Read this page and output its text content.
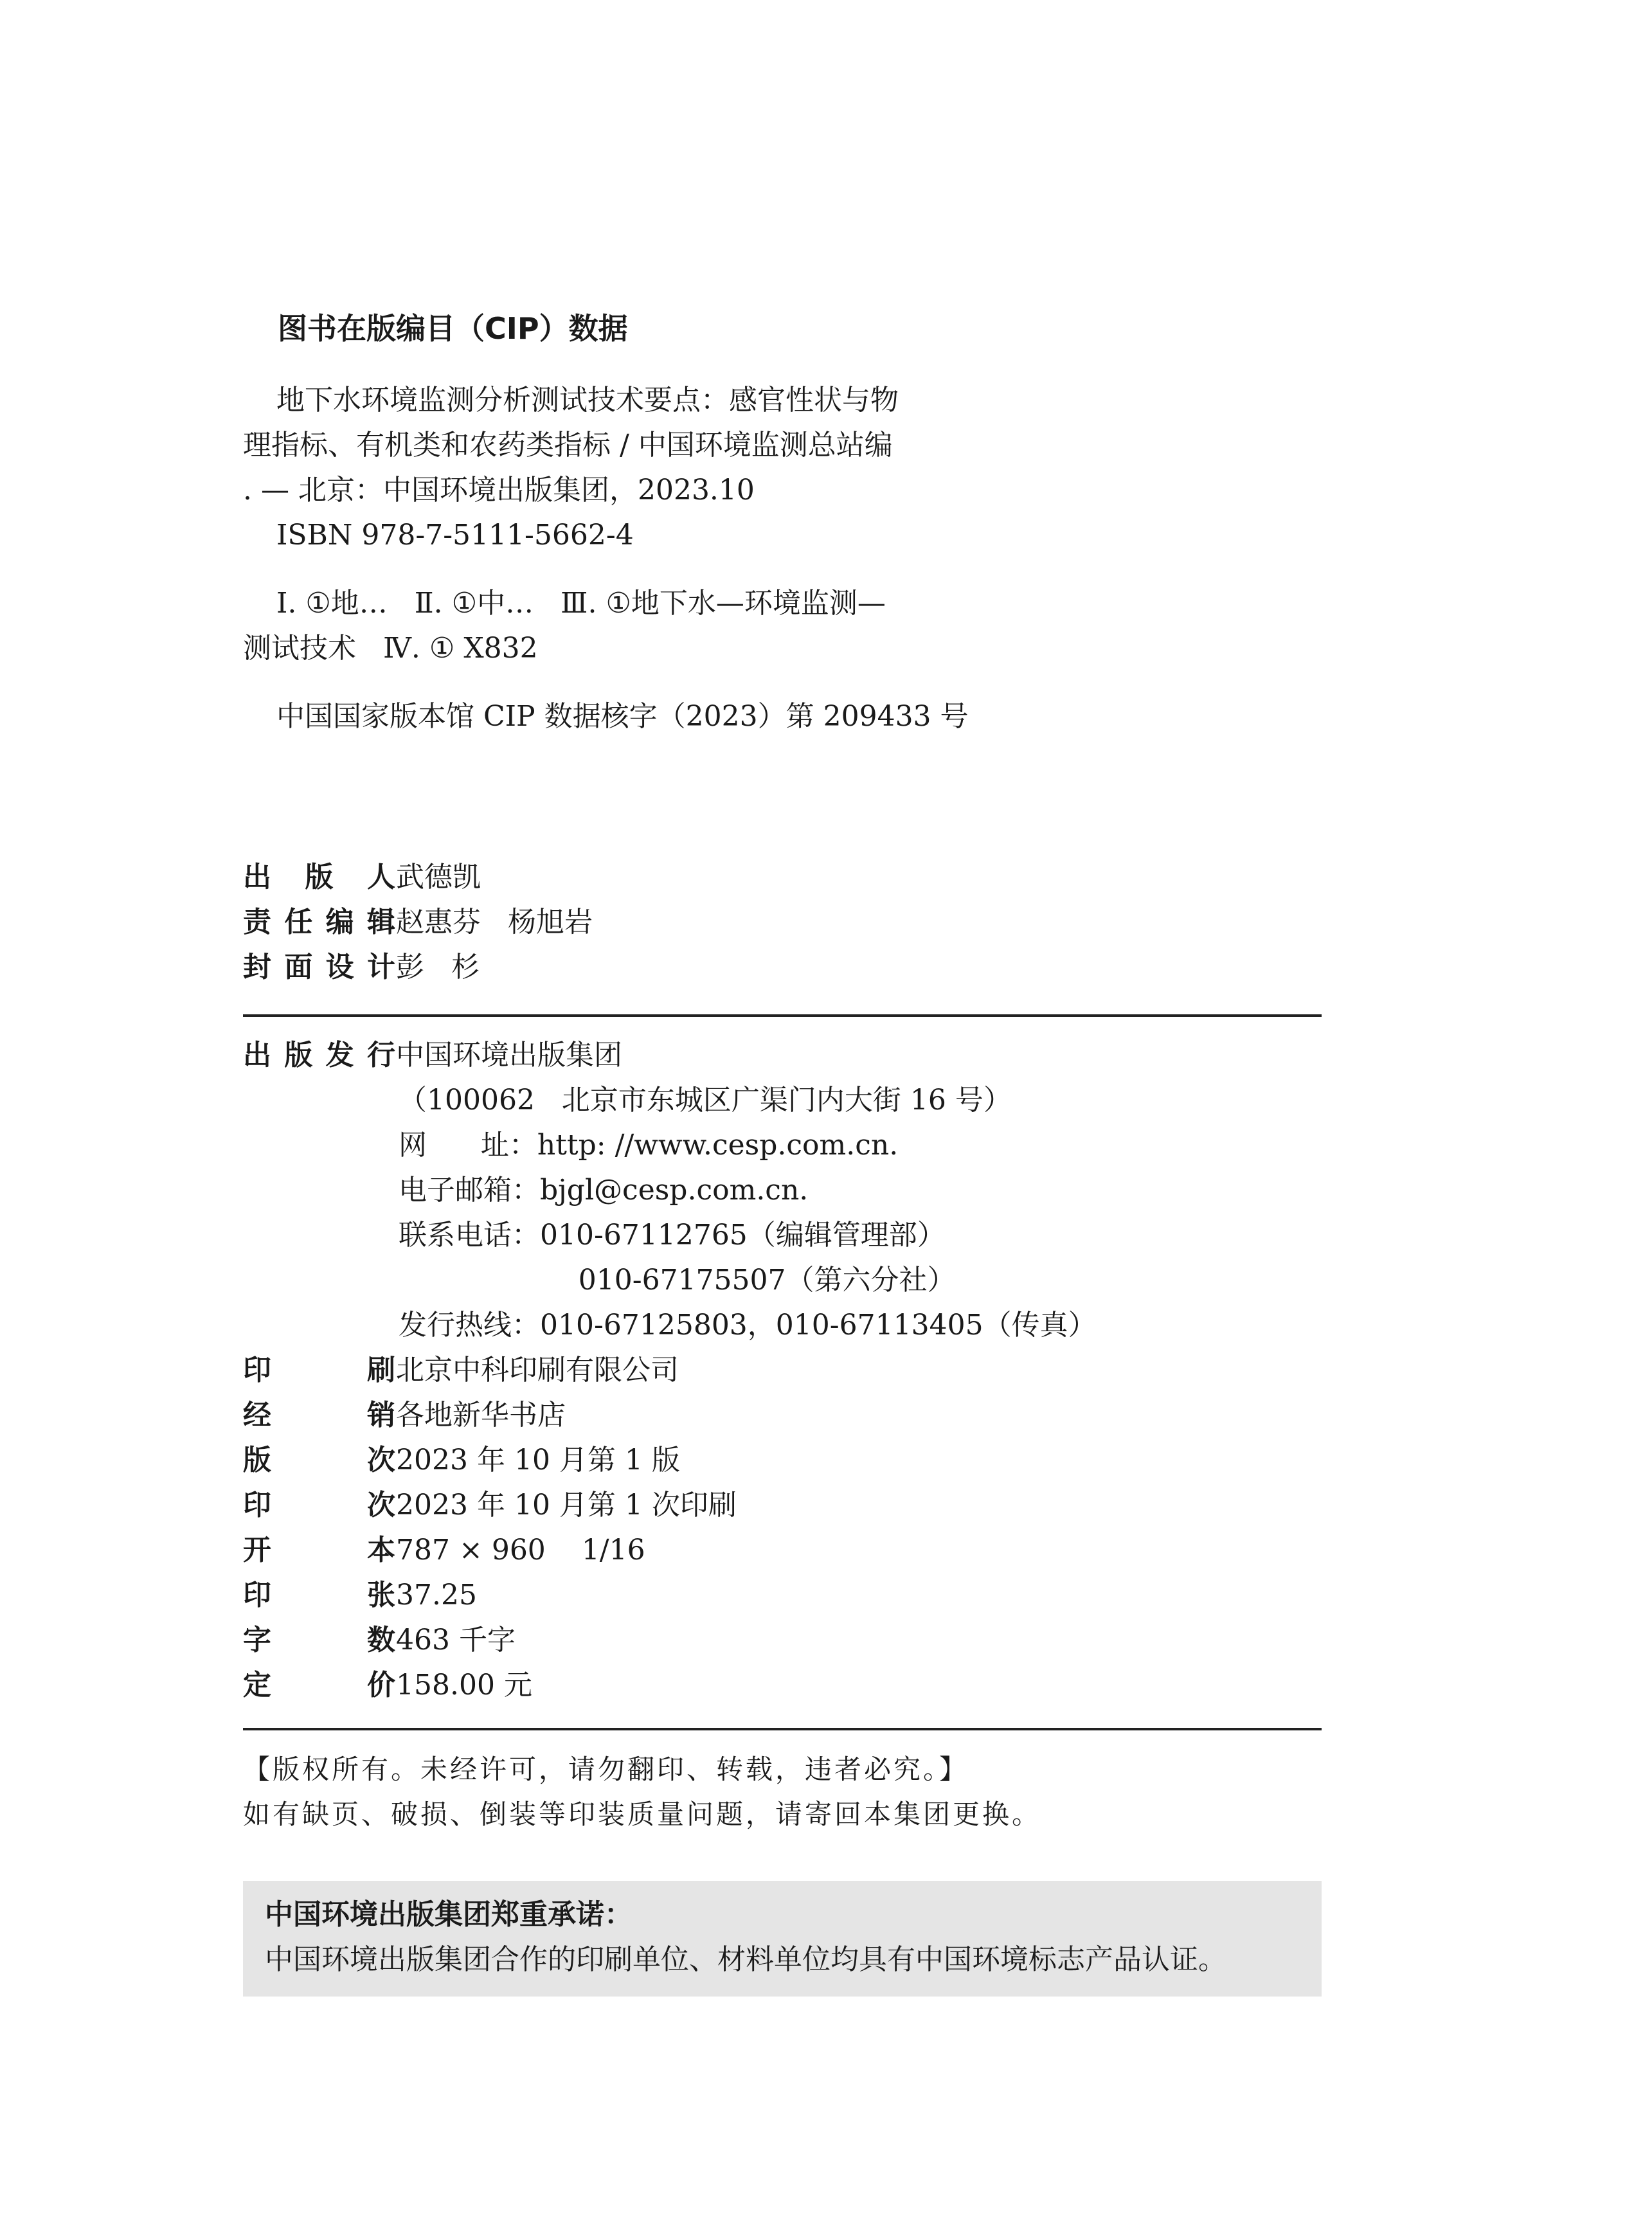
图书在版编目（CIP）数据

地下水环境监测分析测试技术要点：感官性状与物

理指标、有机类和农药类指标 / 中国环境监测总站编

. — 北京：中国环境出版集团，2023.10

ISBN 978-7-5111-5662-4

Ⅰ. ①地…   Ⅱ. ①中…   Ⅲ. ①地下水—环境监测—

测试技术   Ⅳ. ① X832

中国国家版本馆 CIP 数据核字（2023）第 209433 号

出 版 人 武德凯
责任编辑 赵惠芬   杨旭岩
封面设计 彭   杉
出版发行 中国环境出版集团
（100062   北京市东城区广渠门内大街 16 号）
网      址：http: //www.cesp.com.cn.
电子邮箱：bjgl@cesp.com.cn.
联系电话：010-67112765（编辑管理部）
010-67175507（第六分社）
发行热线：010-67125803，010-67113405（传真）
印 刷 北京中科印刷有限公司
经 销 各地新华书店
版 次 2023 年 10 月第 1 版
印 次 2023 年 10 月第 1 次印刷
开 本 787 × 960    1/16
印 张 37.25
字 数 463 千字
定 价 158.00 元

【版权所有。未经许可，请勿翻印、转载，违者必究。】

如有缺页、破损、倒装等印装质量问题，请寄回本集团更换。

中国环境出版集团郑重承诺：

中国环境出版集团合作的印刷单位、材料单位均具有中国环境标志产品认证。
